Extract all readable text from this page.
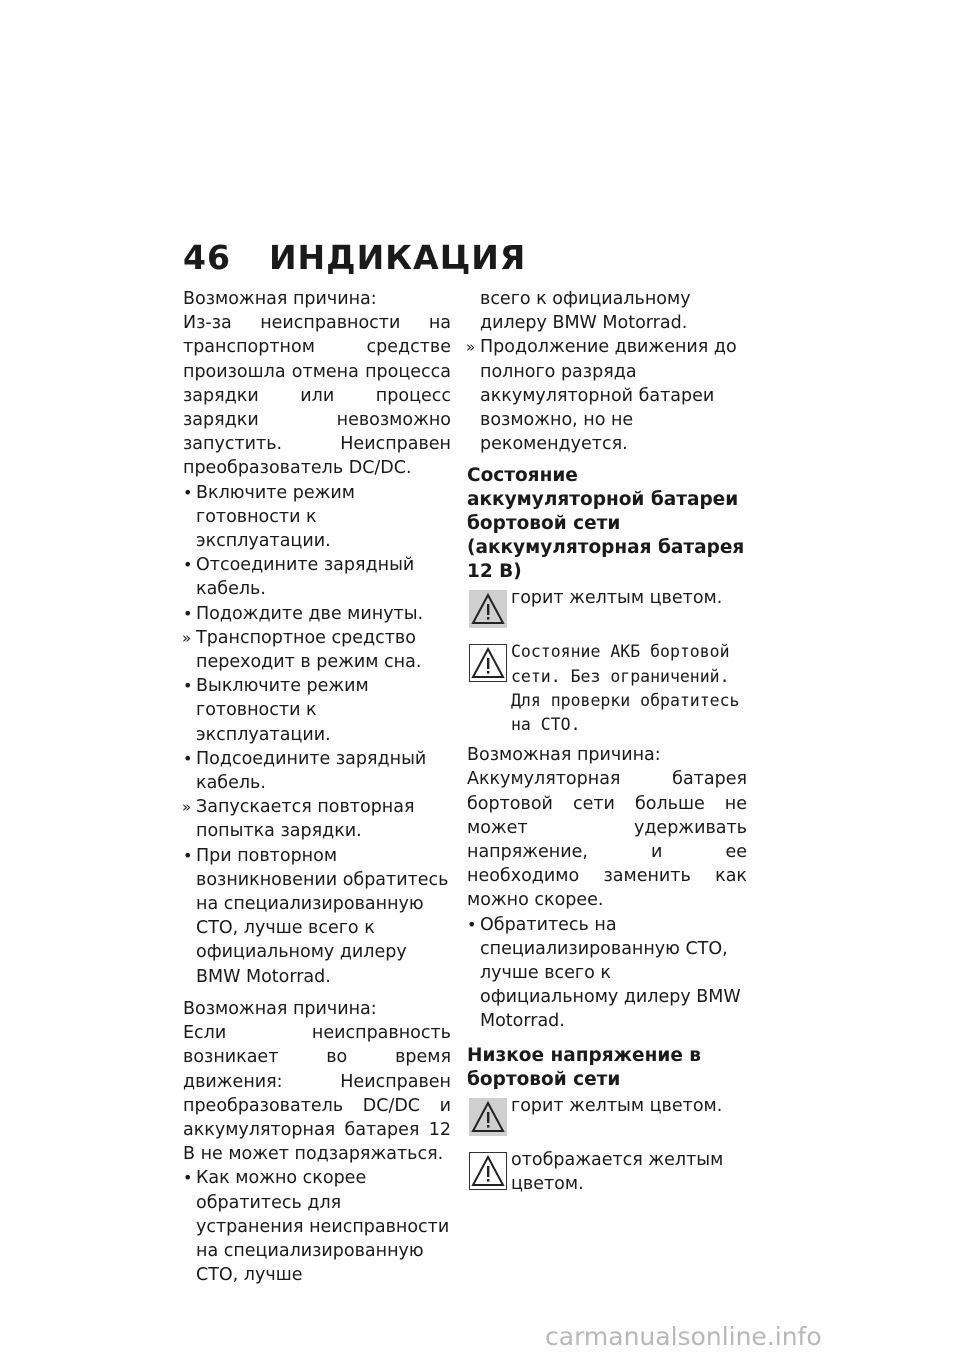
46 ИНДИКАЦИЯ

Возможная причина:

Из-за неисправности на транспортном средстве произошла отмена процесса зарядки или процесс зарядки невозможно запустить. Неисправен преобразователь DC/DC.

• Включите режим готовности к эксплуатации.
• Отсоедините зарядный кабель.
• Подождите две минуты.
» Транспортное средство переходит в режим сна.
• Выключите режим готовности к эксплуатации.
• Подсоедините зарядный кабель.
» Запускается повторная попытка зарядки.
• При повторном возникновении обратитесь на специализированную СТО, лучше всего к официальному дилеру BMW Motorrad.

Возможная причина:

Если неисправность возникает во время движения: Неисправен преобразователь DC/DC и аккумуляторная батарея 12 В не может подзаряжаться.

• Как можно скорее обратитесь для устранения неисправности на специализированную СТО, лучше
всего к официальному дилеру BMW Motorrad.
» Продолжение движения до полного разряда аккумуляторной батареи возможно, но не рекомендуется.

Состояние аккумуляторной батареи бортовой сети (аккумуляторная батарея 12 В)

горит желтым цветом.

Состояние АКБ бортовой сети. Без ограничений. Для проверки обратитесь на СТО.

Возможная причина:

Аккумуляторная батарея бортовой сети больше не может удерживать напряжение, и ее необходимо заменить как можно скорее.

• Обратитесь на специализированную СТО, лучше всего к официальному дилеру BMW Motorrad.

Низкое напряжение в бортовой сети

горит желтым цветом.

отображается желтым цветом.

carmanualsonline.info
